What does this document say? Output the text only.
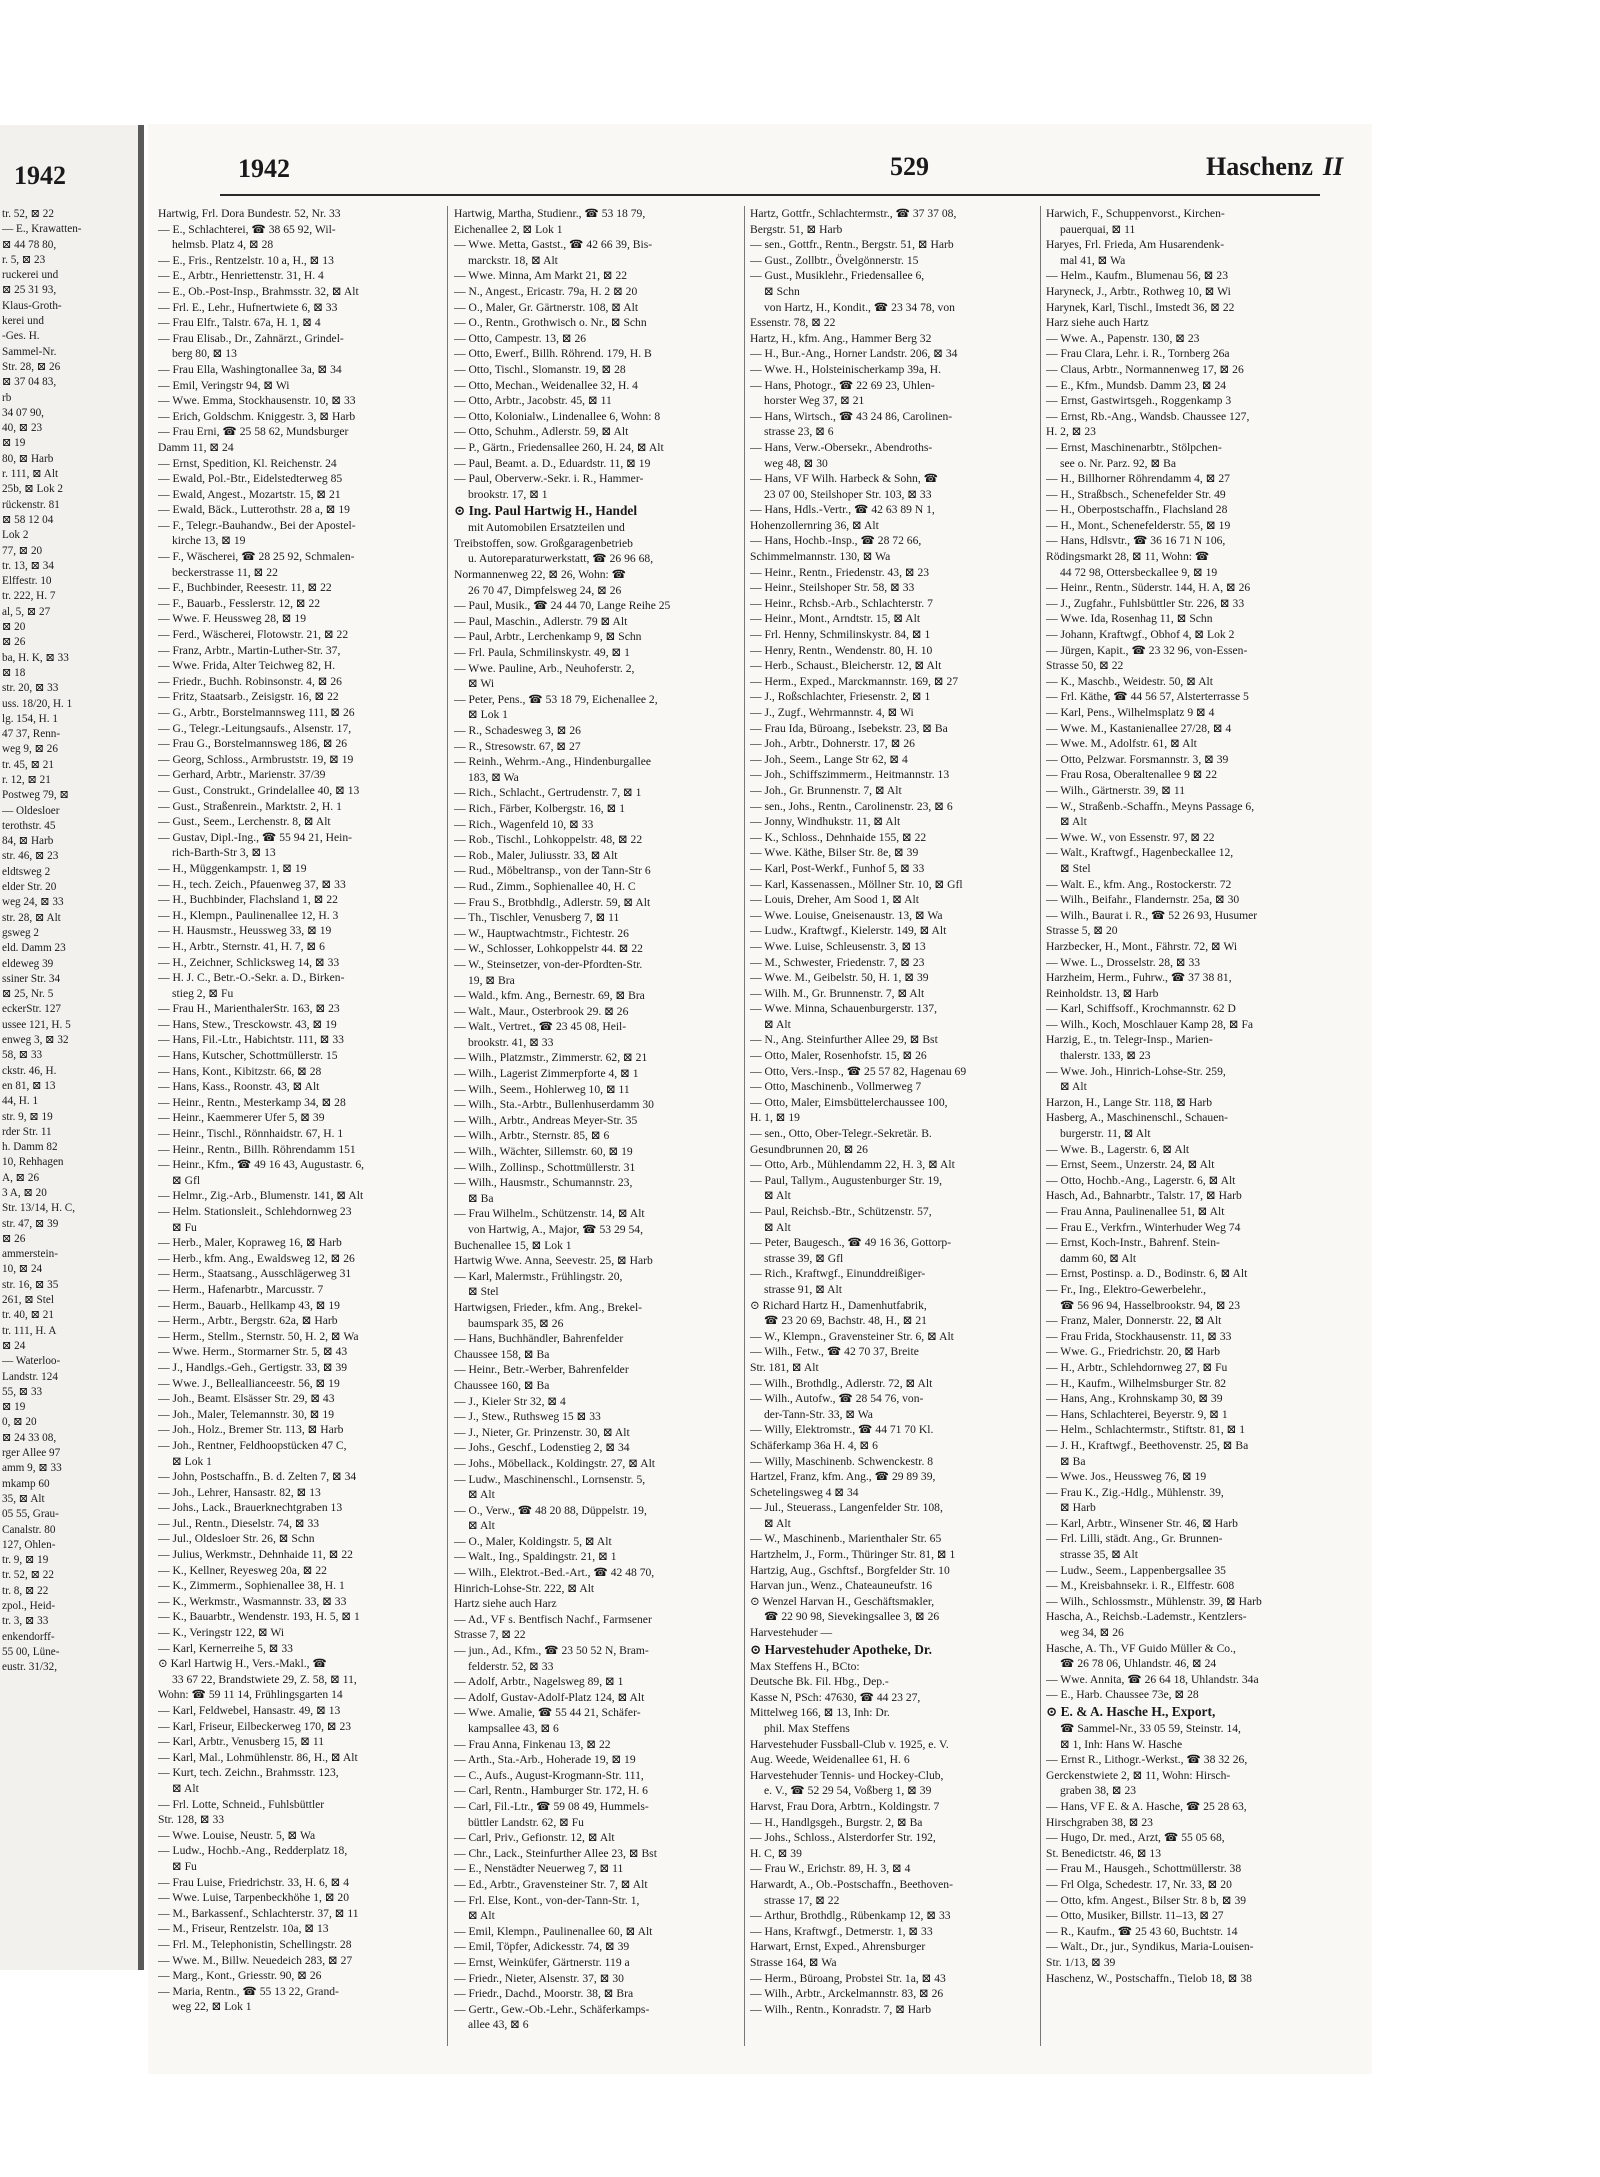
1942
tr. 52, ⊠ 22
— E., Krawatten-
⊠ 44 78 80,
r. 5, ⊠ 23
ruckerei und
⊠ 25 31 93,
Klaus-Groth-
kerei und
-Ges. H.
Sammel-Nr.
Str. 28, ⊠ 26
⊠ 37 04 83,
rb
34 07 90,
40, ⊠ 23
⊠ 19
80, ⊠ Harb
r. 111, ⊠ Alt
25b, ⊠ Lok 2
rückenstr. 81
⊠ 58 12 04
Lok 2
77, ⊠ 20
tr. 13, ⊠ 34
Elffestr. 10
tr. 222, H. 7
al, 5, ⊠ 27
⊠ 20
⊠ 26
ba, H. K, ⊠ 33
⊠ 18
str. 20, ⊠ 33
uss. 18/20, H. 1
lg. 154, H. 1
47 37, Renn-
weg 9, ⊠ 26
tr. 45, ⊠ 21
r. 12, ⊠ 21
Postweg 79, ⊠
— Oldesloer
terothstr. 45
84, ⊠ Harb
str. 46, ⊠ 23
eldtsweg 2
elder Str. 20
weg 24, ⊠ 33
str. 28, ⊠ Alt
gsweg 2
eld. Damm 23
eldeweg 39
ssiner Str. 34
⊠ 25, Nr. 5
eckerStr. 127
ussee 121, H. 5
enweg 3, ⊠ 32
58, ⊠ 33
ckstr. 46, H.
en 81, ⊠ 13
44, H. 1
str. 9, ⊠ 19
rder Str. 11
h. Damm 82
10, Rehhagen
A, ⊠ 26
3 A, ⊠ 20
Str. 13/14, H. C,
str. 47, ⊠ 39
⊠ 26
ammerstein-
10, ⊠ 24
str. 16, ⊠ 35
261, ⊠ Stel
tr. 40, ⊠ 21
tr. 111, H. A
⊠ 24
— Waterloo-
Landstr. 124
55, ⊠ 33
⊠ 19
0, ⊠ 20
⊠ 24 33 08,
rger Allee 97
amm 9, ⊠ 33
mkamp 60
35, ⊠ Alt
05 55, Grau-
Canalstr. 80
127, Ohlen-
tr. 9, ⊠ 19
tr. 52, ⊠ 22
tr. 8, ⊠ 22
zpol., Heid-
tr. 3, ⊠ 33
enkendorff-
55 00, Lüne-
eustr. 31/32,
1942	529	Haschenz II
Hartwig, Frl. Dora Bundestr. 52, Nr. 33
— E., Schlachterei, ☎ 38 65 92, Wil-
helmsb. Platz 4, ⊠ 28
— E., Fris., Rentzelstr. 10 a, H., ⊠ 13
— E., Arbtr., Henriettenstr. 31, H. 4
— E., Ob.-Post-Insp., Brahmsstr. 32, ⊠ Alt
— Frl. E., Lehr., Hufnertwiete 6, ⊠ 33
— Frau Elfr., Talstr. 67a, H. 1, ⊠ 4
— Frau Elisab., Dr., Zahnärzt., Grindel-
berg 80, ⊠ 13
— Frau Ella, Washingtonallee 3a, ⊠ 34
— Emil, Veringstr 94, ⊠ Wi
— Wwe. Emma, Stockhausenstr. 10, ⊠ 33
— Erich, Goldschm. Kniggestr. 3, ⊠ Harb
— Frau Erni, ☎ 25 58 62, Mundsburger
Damm 11, ⊠ 24
— Ernst, Spedition, Kl. Reichenstr. 24
— Ewald, Pol.-Btr., Eidelstedterweg 85
— Ewald, Angest., Mozartstr. 15, ⊠ 21
— Ewald, Bäck., Lutterothstr. 28 a, ⊠ 19
— F., Telegr.-Bauhandw., Bei der Apostel-
kirche 13, ⊠ 19
— F., Wäscherei, ☎ 28 25 92, Schmalen-
beckerstrasse 11, ⊠ 22
— F., Buchbinder, Reesestr. 11, ⊠ 22
— F., Bauarb., Fesslerstr. 12, ⊠ 22
— Wwe. F. Heussweg 28, ⊠ 19
— Ferd., Wäscherei, Flotowstr. 21, ⊠ 22
— Franz, Arbtr., Martin-Luther-Str. 37,
— Wwe. Frida, Alter Teichweg 82, H.
— Friedr., Buchh. Robinsonstr. 4, ⊠ 26
— Fritz, Staatsarb., Zeisigstr. 16, ⊠ 22
— G., Arbtr., Borstelmannsweg 111, ⊠ 26
— G., Telegr.-Leitungsaufs., Alsenstr. 17,
— Frau G., Borstelmannsweg 186, ⊠ 26
— Georg, Schloss., Armbruststr. 19, ⊠ 19
— Gerhard, Arbtr., Marienstr. 37/39
— Gust., Construkt., Grindelallee 40, ⊠ 13
— Gust., Straßenrein., Marktstr. 2, H. 1
— Gust., Seem., Lerchenstr. 8, ⊠ Alt
— Gustav, Dipl.-Ing., ☎ 55 94 21, Hein-
rich-Barth-Str 3, ⊠ 13
— H., Müggenkampstr. 1, ⊠ 19
— H., tech. Zeich., Pfauenweg 37, ⊠ 33
— H., Buchbinder, Flachsland 1, ⊠ 22
— H., Klempn., Paulinenallee 12, H. 3
— H. Hausmstr., Heussweg 33, ⊠ 19
— H., Arbtr., Sternstr. 41, H. 7, ⊠ 6
— H., Zeichner, Schlicksweg 14, ⊠ 33
— H. J. C., Betr.-O.-Sekr. a. D., Birken-
stieg 2, ⊠ Fu
— Frau H., MarienthalerStr. 163, ⊠ 23
— Hans, Stew., Tresckowstr. 43, ⊠ 19
— Hans, Fil.-Ltr., Habichtstr. 111, ⊠ 33
— Hans, Kutscher, Schottmüllerstr. 15
— Hans, Kont., Kibitzstr. 66, ⊠ 28
— Hans, Kass., Roonstr. 43, ⊠ Alt
— Heinr., Rentn., Mesterkamp 34, ⊠ 28
— Heinr., Kaemmerer Ufer 5, ⊠ 39
— Heinr., Tischl., Rönnhaidstr. 67, H. 1
— Heinr., Rentn., Billh. Röhrendamm 151
— Heinr., Kfm., ☎ 49 16 43, Augustastr. 6,
⊠ Gfl
— Helmr., Zig.-Arb., Blumenstr. 141, ⊠ Alt
— Helm. Stationsleit., Schlehdornweg 23
⊠ Fu
— Herb., Maler, Kopraweg 16, ⊠ Harb
— Herb., kfm. Ang., Ewaldsweg 12, ⊠ 26
— Herm., Staatsang., Ausschlägerweg 31
— Herm., Hafenarbtr., Marcusstr. 7
— Herm., Bauarb., Hellkamp 43, ⊠ 19
— Herm., Arbtr., Bergstr. 62a, ⊠ Harb
— Herm., Stellm., Sternstr. 50, H. 2, ⊠ Wa
— Wwe. Herm., Stormarner Str. 5, ⊠ 43
— J., Handlgs.-Geh., Gertigstr. 33, ⊠ 39
— Wwe. J., Belleallianceestr. 56, ⊠ 19
— Joh., Beamt. Elsässer Str. 29, ⊠ 43
— Joh., Maler, Telemannstr. 30, ⊠ 19
— Joh., Holz., Bremer Str. 113, ⊠ Harb
— Joh., Rentner, Feldhoopstücken 47 C,
⊠ Lok 1
— John, Postschaffn., B. d. Zelten 7, ⊠ 34
— Joh., Lehrer, Hansastr. 82, ⊠ 13
— Johs., Lack., Brauerknechtgraben 13
— Jul., Rentn., Dieselstr. 74, ⊠ 33
— Jul., Oldesloer Str. 26, ⊠ Schn
— Julius, Werkmstr., Dehnhaide 11, ⊠ 22
— K., Kellner, Reyesweg 20a, ⊠ 22
— K., Zimmerm., Sophienallee 38, H. 1
— K., Werkmstr., Wasmannstr. 33, ⊠ 33
— K., Bauarbtr., Wendenstr. 193, H. 5, ⊠ 1
— K., Veringstr 122, ⊠ Wi
— Karl, Kernerreihe 5, ⊠ 33
⊙ Karl Hartwig H., Vers.-Makl., ☎
33 67 22, Brandstwiete 29, Z. 58, ⊠ 11,
Wohn: ☎ 59 11 14, Frühlingsgarten 14
— Karl, Feldwebel, Hansastr. 49, ⊠ 13
— Karl, Friseur, Eilbeckerweg 170, ⊠ 23
— Karl, Arbtr., Venusberg 15, ⊠ 11
— Karl, Mal., Lohmühlenstr. 86, H., ⊠ Alt
— Kurt, tech. Zeichn., Brahmsstr. 123,
⊠ Alt
— Frl. Lotte, Schneid., Fuhlsbüttler
Str. 128, ⊠ 33
— Wwe. Louise, Neustr. 5, ⊠ Wa
— Ludw., Hochb.-Ang., Redderplatz 18,
⊠ Fu
— Frau Luise, Friedrichstr. 33, H. 6, ⊠ 4
— Wwe. Luise, Tarpenbeckhöhe 1, ⊠ 20
— M., Barkassenf., Schlachterstr. 37, ⊠ 11
— M., Friseur, Rentzelstr. 10a, ⊠ 13
— Frl. M., Telephonistin, Schellingstr. 28
— Wwe. M., Billw. Neuedeich 283, ⊠ 27
— Marg., Kont., Griesstr. 90, ⊠ 26
— Maria, Rentn., ☎ 55 13 22, Grand-
weg 22, ⊠ Lok 1
Hartwig, Martha, Studienr., ☎ 53 18 79,
Eichenallee 2, ⊠ Lok 1
— Wwe. Metta, Gastst., ☎ 42 66 39, Bis-
marckstr. 18, ⊠ Alt
— Wwe. Minna, Am Markt 21, ⊠ 22
— N., Angest., Ericastr. 79a, H. 2 ⊠ 20
— O., Maler, Gr. Gärtnerstr. 108, ⊠ Alt
— O., Rentn., Grothwisch o. Nr., ⊠ Schn
— Otto, Campestr. 13, ⊠ 26
— Otto, Ewerf., Billh. Röhrend. 179, H. B
— Otto, Tischl., Slomanstr. 19, ⊠ 28
— Otto, Mechan., Weidenallee 32, H. 4
— Otto, Arbtr., Jacobstr. 45, ⊠ 11
— Otto, Kolonialw., Lindenallee 6, Wohn: 8
— Otto, Schuhm., Adlerstr. 59, ⊠ Alt
— P., Gärtn., Friedensallee 260, H. 24, ⊠ Alt
— Paul, Beamt. a. D., Eduardstr. 11, ⊠ 19
— Paul, Oberverw.-Sekr. i. R., Hammer-
brookstr. 17, ⊠ 1
⊙ Ing. Paul Hartwig H., Handel
mit Automobilen Ersatzteilen und
Treibstoffen, sow. Großgaragenbetrieb
u. Autoreparaturwerkstatt, ☎ 26 96 68,
Normannenweg 22, ⊠ 26, Wohn: ☎
26 70 47, Dimpfelsweg 24, ⊠ 26
— Paul, Musik., ☎ 24 44 70, Lange Reihe 25
— Paul, Maschin., Adlerstr. 79 ⊠ Alt
— Paul, Arbtr., Lerchenkamp 9, ⊠ Schn
— Frl. Paula, Schmilinskystr. 49, ⊠ 1
— Wwe. Pauline, Arb., Neuhoferstr. 2,
⊠ Wi
— Peter, Pens., ☎ 53 18 79, Eichenallee 2,
⊠ Lok 1
— R., Schadesweg 3, ⊠ 26
— R., Stresowstr. 67, ⊠ 27
— Reinh., Wehrm.-Ang., Hindenburgallee
183, ⊠ Wa
— Rich., Schlacht., Gertrudenstr. 7, ⊠ 1
— Rich., Färber, Kolbergstr. 16, ⊠ 1
— Rich., Wagenfeld 10, ⊠ 33
— Rob., Tischl., Lohkoppelstr. 48, ⊠ 22
— Rob., Maler, Juliusstr. 33, ⊠ Alt
— Rud., Möbeltransp., von der Tann-Str 6
— Rud., Zimm., Sophienallee 40, H. C
— Frau S., Brotbhdlg., Adlerstr. 59, ⊠ Alt
— Th., Tischler, Venusberg 7, ⊠ 11
— W., Hauptwachtmstr., Fichtestr. 26
— W., Schlosser, Lohkoppelstr 44. ⊠ 22
— W., Steinsetzer, von-der-Pfordten-Str.
19, ⊠ Bra
— Wald., kfm. Ang., Bernestr. 69, ⊠ Bra
— Walt., Maur., Osterbrook 29. ⊠ 26
— Walt., Vertret., ☎ 23 45 08, Heil-
brookstr. 41, ⊠ 33
— Wilh., Platzmstr., Zimmerstr. 62, ⊠ 21
— Wilh., Lagerist Zimmerpforte 4, ⊠ 1
— Wilh., Seem., Hohlerweg 10, ⊠ 11
— Wilh., Sta.-Arbtr., Bullenhuserdamm 30
— Wilh., Arbtr., Andreas Meyer-Str. 35
— Wilh., Arbtr., Sternstr. 85, ⊠ 6
— Wilh., Wächter, Sillemstr. 60, ⊠ 19
— Wilh., Zollinsp., Schottmüllerstr. 31
— Wilh., Hausmstr., Schumannstr. 23,
⊠ Ba
— Frau Wilhelm., Schützenstr. 14, ⊠ Alt
von Hartwig, A., Major, ☎ 53 29 54,
Buchenallee 15, ⊠ Lok 1
Hartwig Wwe. Anna, Seevestr. 25, ⊠ Harb
— Karl, Malermstr., Frühlingstr. 20,
⊠ Stel
Hartwigsen, Frieder., kfm. Ang., Brekel-
baumspark 35, ⊠ 26
— Hans, Buchhändler, Bahrenfelder
Chaussee 158, ⊠ Ba
— Heinr., Betr.-Werber, Bahrenfelder
Chaussee 160, ⊠ Ba
— J., Kieler Str 32, ⊠ 4
— J., Stew., Ruthsweg 15 ⊠ 33
— J., Nieter, Gr. Prinzenstr. 30, ⊠ Alt
— Johs., Geschf., Lodenstieg 2, ⊠ 34
— Johs., Möbellack., Koldingstr. 27, ⊠ Alt
— Ludw., Maschinenschl., Lornsenstr. 5,
⊠ Alt
— O., Verw., ☎ 48 20 88, Düppelstr. 19,
⊠ Alt
— O., Maler, Koldingstr. 5, ⊠ Alt
— Walt., Ing., Spaldingstr. 21, ⊠ 1
— Wilh., Elektrot.-Bed.-Art., ☎ 42 48 70,
Hinrich-Lohse-Str. 222, ⊠ Alt
Hartz siehe auch Harz
— Ad., VF s. Bentfisch Nachf., Farmsener
Strasse 7, ⊠ 22
— jun., Ad., Kfm., ☎ 23 50 52 N, Bram-
felderstr. 52, ⊠ 33
— Adolf, Arbtr., Nagelsweg 89, ⊠ 1
— Adolf, Gustav-Adolf-Platz 124, ⊠ Alt
— Wwe. Amalie, ☎ 55 44 21, Schäfer-
kampsallee 43, ⊠ 6
— Frau Anna, Finkenau 13, ⊠ 22
— Arth., Sta.-Arb., Hoherade 19, ⊠ 19
— C., Aufs., August-Krogmann-Str. 111,
— Carl, Rentn., Hamburger Str. 172, H. 6
— Carl, Fil.-Ltr., ☎ 59 08 49, Hummels-
büttler Landstr. 62, ⊠ Fu
— Carl, Priv., Gefionstr. 12, ⊠ Alt
— Chr., Lack., Steinfurther Allee 23, ⊠ Bst
— E., Nenstädter Neuerweg 7, ⊠ 11
— Ed., Arbtr., Gravensteiner Str. 7, ⊠ Alt
— Frl. Else, Kont., von-der-Tann-Str. 1,
⊠ Alt
— Emil, Klempn., Paulinenallee 60, ⊠ Alt
— Emil, Töpfer, Adickesstr. 74, ⊠ 39
— Ernst, Weinküfer, Gärtnerstr. 119 a
— Friedr., Nieter, Alsenstr. 37, ⊠ 30
— Friedr., Dachd., Moorstr. 38, ⊠ Bra
— Gertr., Gew.-Ob.-Lehr., Schäferkamps-
allee 43, ⊠ 6
Hartz, Gottfr., Schlachtermstr., ☎ 37 37 08,
Bergstr. 51, ⊠ Harb
— sen., Gottfr., Rentn., Bergstr. 51, ⊠ Harb
— Gust., Zollbtr., Övelgönnerstr. 15
— Gust., Musiklehr., Friedensallee 6,
⊠ Schn
von Hartz, H., Kondit., ☎ 23 34 78, von
Essenstr. 78, ⊠ 22
Hartz, H., kfm. Ang., Hammer Berg 32
— H., Bur.-Ang., Horner Landstr. 206, ⊠ 34
— Wwe. H., Holsteinischerkamp 39a, H.
— Hans, Photogr., ☎ 22 69 23, Uhlen-
horster Weg 37, ⊠ 21
— Hans, Wirtsch., ☎ 43 24 86, Carolinen-
strasse 23, ⊠ 6
— Hans, Verw.-Obersekr., Abendroths-
weg 48, ⊠ 30
— Hans, VF Wilh. Harbeck & Sohn, ☎
23 07 00, Steilshoper Str. 103, ⊠ 33
— Hans, Hdls.-Vertr., ☎ 42 63 89 N 1,
Hohenzollernring 36, ⊠ Alt
— Hans, Hochb.-Insp., ☎ 28 72 66,
Schimmelmannstr. 130, ⊠ Wa
— Heinr., Rentn., Friedenstr. 43, ⊠ 23
— Heinr., Steilshoper Str. 58, ⊠ 33
— Heinr., Rchsb.-Arb., Schlachterstr. 7
— Heinr., Mont., Arndtstr. 15, ⊠ Alt
— Frl. Henny, Schmilinskystr. 84, ⊠ 1
— Henry, Rentn., Wendenstr. 80, H. 10
— Herb., Schaust., Bleicherstr. 12, ⊠ Alt
— Herm., Exped., Marckmannstr. 169, ⊠ 27
— J., Roßschlachter, Friesenstr. 2, ⊠ 1
— J., Zugf., Wehrmannstr. 4, ⊠ Wi
— Frau Ida, Büroang., Isebekstr. 23, ⊠ Ba
— Joh., Arbtr., Dohnerstr. 17, ⊠ 26
— Joh., Seem., Lange Str 62, ⊠ 4
— Joh., Schiffszimmerm., Heitmannstr. 13
— Joh., Gr. Brunnenstr. 7, ⊠ Alt
— sen., Johs., Rentn., Carolinenstr. 23, ⊠ 6
— Jonny, Windhukstr. 11, ⊠ Alt
— K., Schloss., Dehnhaide 155, ⊠ 22
— Wwe. Käthe, Bilser Str. 8e, ⊠ 39
— Karl, Post-Werkf., Funhof 5, ⊠ 33
— Karl, Kassenassen., Möllner Str. 10, ⊠ Gfl
— Louis, Dreher, Am Sood 1, ⊠ Alt
— Wwe. Louise, Gneisenaustr. 13, ⊠ Wa
— Ludw., Kraftwgf., Kielerstr. 149, ⊠ Alt
— Wwe. Luise, Schleusenstr. 3, ⊠ 13
— M., Schwester, Friedenstr. 7, ⊠ 23
— Wwe. M., Geibelstr. 50, H. 1, ⊠ 39
— Wilh. M., Gr. Brunnenstr. 7, ⊠ Alt
— Wwe. Minna, Schauenburgerstr. 137,
⊠ Alt
— N., Ang. Steinfurther Allee 29, ⊠ Bst
— Otto, Maler, Rosenhofstr. 15, ⊠ 26
— Otto, Vers.-Insp., ☎ 25 57 82, Hagenau 69
— Otto, Maschinenb., Vollmerweg 7
— Otto, Maler, Eimsbüttelerchaussee 100,
H. 1, ⊠ 19
— sen., Otto, Ober-Telegr.-Sekretär. B.
Gesundbrunnen 20, ⊠ 26
— Otto, Arb., Mühlendamm 22, H. 3, ⊠ Alt
— Paul, Tallym., Augustenburger Str. 19,
⊠ Alt
— Paul, Reichsb.-Btr., Schützenstr. 57,
⊠ Alt
— Peter, Baugesch., ☎ 49 16 36, Gottorp-
strasse 39, ⊠ Gfl
— Rich., Kraftwgf., Einunddreißiger-
strasse 91, ⊠ Alt
⊙ Richard Hartz H., Damenhutfabrik,
☎ 23 20 69, Bachstr. 48, H., ⊠ 21
— W., Klempn., Gravensteiner Str. 6, ⊠ Alt
— Wilh., Fetw., ☎ 42 70 37, Breite
Str. 181, ⊠ Alt
— Wilh., Brothdlg., Adlerstr. 72, ⊠ Alt
— Wilh., Autofw., ☎ 28 54 76, von-
der-Tann-Str. 33, ⊠ Wa
— Willy, Elektromstr., ☎ 44 71 70 Kl.
Schäferkamp 36a H. 4, ⊠ 6
— Willy, Maschinenb. Schwenckestr. 8
Hartzel, Franz, kfm. Ang., ☎ 29 89 39,
Schetelingsweg 4 ⊠ 34
— Jul., Steuerass., Langenfelder Str. 108,
⊠ Alt
— W., Maschinenb., Marienthaler Str. 65
Hartzhelm, J., Form., Thüringer Str. 81, ⊠ 1
Hartzig, Aug., Gschftsf., Borgfelder Str. 10
Harvan jun., Wenz., Chateauneufstr. 16
⊙ Wenzel Harvan H., Geschäftsmakler,
☎ 22 90 98, Sievekingsallee 3, ⊠ 26
Harvestehuder —
⊙ Harvestehuder Apotheke, Dr.
Max Steffens H., BCto:
Deutsche Bk. Fil. Hbg., Dep.-
Kasse N, PSch: 47630, ☎ 44 23 27,
Mittelweg 166, ⊠ 13, Inh: Dr.
phil. Max Steffens
Harvestehuder Fussball-Club v. 1925, e. V.
Aug. Weede, Weidenallee 61, H. 6
Harvestehuder Tennis- und Hockey-Club,
e. V., ☎ 52 29 54, Voßberg 1, ⊠ 39
Harvst, Frau Dora, Arbtrn., Koldingstr. 7
— H., Handlgsgeh., Burgstr. 2, ⊠ Ba
— Johs., Schloss., Alsterdorfer Str. 192,
H. C, ⊠ 39
— Frau W., Erichstr. 89, H. 3, ⊠ 4
Harwardt, A., Ob.-Postschaffn., Beethoven-
strasse 17, ⊠ 22
— Arthur, Brothdlg., Rübenkamp 12, ⊠ 33
— Hans, Kraftwgf., Detmerstr. 1, ⊠ 33
Harwart, Ernst, Exped., Ahrensburger
Strasse 164, ⊠ Wa
— Herm., Büroang, Probstei Str. 1a, ⊠ 43
— Wilh., Arbtr., Arckelmannstr. 83, ⊠ 26
— Wilh., Rentn., Konradstr. 7, ⊠ Harb
Harwich, F., Schuppenvorst., Kirchen-
pauerquai, ⊠ 11
Haryes, Frl. Frieda, Am Husarendenk-
mal 41, ⊠ Wa
— Helm., Kaufm., Blumenau 56, ⊠ 23
Haryneck, J., Arbtr., Rothweg 10, ⊠ Wi
Harynek, Karl, Tischl., Imstedt 36, ⊠ 22
Harz siehe auch Hartz
— Wwe. A., Papenstr. 130, ⊠ 23
— Frau Clara, Lehr. i. R., Tornberg 26a
— Claus, Arbtr., Normannenweg 17, ⊠ 26
— E., Kfm., Mundsb. Damm 23, ⊠ 24
— Ernst, Gastwirtsgeh., Roggenkamp 3
— Ernst, Rb.-Ang., Wandsb. Chaussee 127,
H. 2, ⊠ 23
— Ernst, Maschinenarbtr., Stölpchen-
see o. Nr. Parz. 92, ⊠ Ba
— H., Billhorner Röhrendamm 4, ⊠ 27
— H., Straßbsch., Schenefelder Str. 49
— H., Oberpostschaffn., Flachsland 28
— H., Mont., Schenefelderstr. 55, ⊠ 19
— Hans, Hdlsvtr., ☎ 36 16 71 N 106,
Rödingsmarkt 28, ⊠ 11, Wohn: ☎
44 72 98, Ottersbeckallee 9, ⊠ 19
— Heinr., Rentn., Süderstr. 144, H. A, ⊠ 26
— J., Zugfahr., Fuhlsbüttler Str. 226, ⊠ 33
— Wwe. Ida, Rosenhag 11, ⊠ Schn
— Johann, Kraftwgf., Obhof 4, ⊠ Lok 2
— Jürgen, Kapit., ☎ 23 32 96, von-Essen-
Strasse 50, ⊠ 22
— K., Maschb., Weidestr. 50, ⊠ Alt
— Frl. Käthe, ☎ 44 56 57, Alsterterrasse 5
— Karl, Pens., Wilhelmsplatz 9 ⊠ 4
— Wwe. M., Kastanienallee 27/28, ⊠ 4
— Wwe. M., Adolfstr. 61, ⊠ Alt
— Otto, Pelzwar. Forsmannstr. 3, ⊠ 39
— Frau Rosa, Oberaltenallee 9 ⊠ 22
— Wilh., Gärtnerstr. 39, ⊠ 11
— W., Straßenb.-Schaffn., Meyns Passage 6,
⊠ Alt
— Wwe. W., von Essenstr. 97, ⊠ 22
— Walt., Kraftwgf., Hagenbeckallee 12,
⊠ Stel
— Walt. E., kfm. Ang., Rostockerstr. 72
— Wilh., Beifahr., Flandernstr. 25a, ⊠ 30
— Wilh., Baurat i. R., ☎ 52 26 93, Husumer
Strasse 5, ⊠ 20
Harzbecker, H., Mont., Fährstr. 72, ⊠ Wi
— Wwe. L., Drosselstr. 28, ⊠ 33
Harzheim, Herm., Fuhrw., ☎ 37 38 81,
Reinholdstr. 13, ⊠ Harb
— Karl, Schiffsoff., Krochmannstr. 62 D
— Wilh., Koch, Moschlauer Kamp 28, ⊠ Fa
Harzig, E., tn. Telegr-Insp., Marien-
thalerstr. 133, ⊠ 23
— Wwe. Joh., Hinrich-Lohse-Str. 259,
⊠ Alt
Harzon, H., Lange Str. 118, ⊠ Harb
Hasberg, A., Maschinenschl., Schauen-
burgerstr. 11, ⊠ Alt
— Wwe. B., Lagerstr. 6, ⊠ Alt
— Ernst, Seem., Unzerstr. 24, ⊠ Alt
— Otto, Hochb.-Ang., Lagerstr. 6, ⊠ Alt
Hasch, Ad., Bahnarbtr., Talstr. 17, ⊠ Harb
— Frau Anna, Paulinenallee 51, ⊠ Alt
— Frau E., Verkfrn., Winterhuder Weg 74
— Ernst, Koch-Instr., Bahrenf. Stein-
damm 60, ⊠ Alt
— Ernst, Postinsp. a. D., Bodinstr. 6, ⊠ Alt
— Fr., Ing., Elektro-Gewerbelehr.,
☎ 56 96 94, Hasselbrookstr. 94, ⊠ 23
— Franz, Maler, Donnerstr. 22, ⊠ Alt
— Frau Frida, Stockhausenstr. 11, ⊠ 33
— Wwe. G., Friedrichstr. 20, ⊠ Harb
— H., Arbtr., Schlehdornweg 27, ⊠ Fu
— H., Kaufm., Wilhelmsburger Str. 82
— Hans, Ang., Krohnskamp 30, ⊠ 39
— Hans, Schlachterei, Beyerstr. 9, ⊠ 1
— Helm., Schlachtermstr., Stiftstr. 81, ⊠ 1
— J. H., Kraftwgf., Beethovenstr. 25, ⊠ Ba
⊠ Ba
— Wwe. Jos., Heussweg 76, ⊠ 19
— Frau K., Zig.-Hdlg., Mühlenstr. 39,
⊠ Harb
— Karl, Arbtr., Winsener Str. 46, ⊠ Harb
— Frl. Lilli, städt. Ang., Gr. Brunnen-
strasse 35, ⊠ Alt
— Ludw., Seem., Lappenbergsallee 35
— M., Kreisbahnsekr. i. R., Elffestr. 608
— Wilh., Schlossmstr., Mühlenstr. 39, ⊠ Harb
Hascha, A., Reichsb.-Lademstr., Kentzlers-
weg 34, ⊠ 26
Hasche, A. Th., VF Guido Müller & Co.,
☎ 26 78 06, Uhlandstr. 46, ⊠ 24
— Wwe. Annita, ☎ 26 64 18, Uhlandstr. 34a
— E., Harb. Chaussee 73e, ⊠ 28
⊙ E. & A. Hasche H., Export,
☎ Sammel-Nr., 33 05 59, Steinstr. 14,
⊠ 1, Inh: Hans W. Hasche
— Ernst R., Lithogr.-Werkst., ☎ 38 32 26,
Gerckenstwiete 2, ⊠ 11, Wohn: Hirsch-
graben 38, ⊠ 23
— Hans, VF E. & A. Hasche, ☎ 25 28 63,
Hirschgraben 38, ⊠ 23
— Hugo, Dr. med., Arzt, ☎ 55 05 68,
St. Benedictstr. 46, ⊠ 13
— Frau M., Hausgeh., Schottmüllerstr. 38
— Frl Olga, Schedestr. 17, Nr. 33, ⊠ 20
— Otto, kfm. Angest., Bilser Str. 8 b, ⊠ 39
— Otto, Musiker, Billstr. 11–13, ⊠ 27
— R., Kaufm., ☎ 25 43 60, Buchtstr. 14
— Walt., Dr., jur., Syndikus, Maria-Louisen-
Str. 1/13, ⊠ 39
Haschenz, W., Postschaffn., Tielob 18, ⊠ 38
